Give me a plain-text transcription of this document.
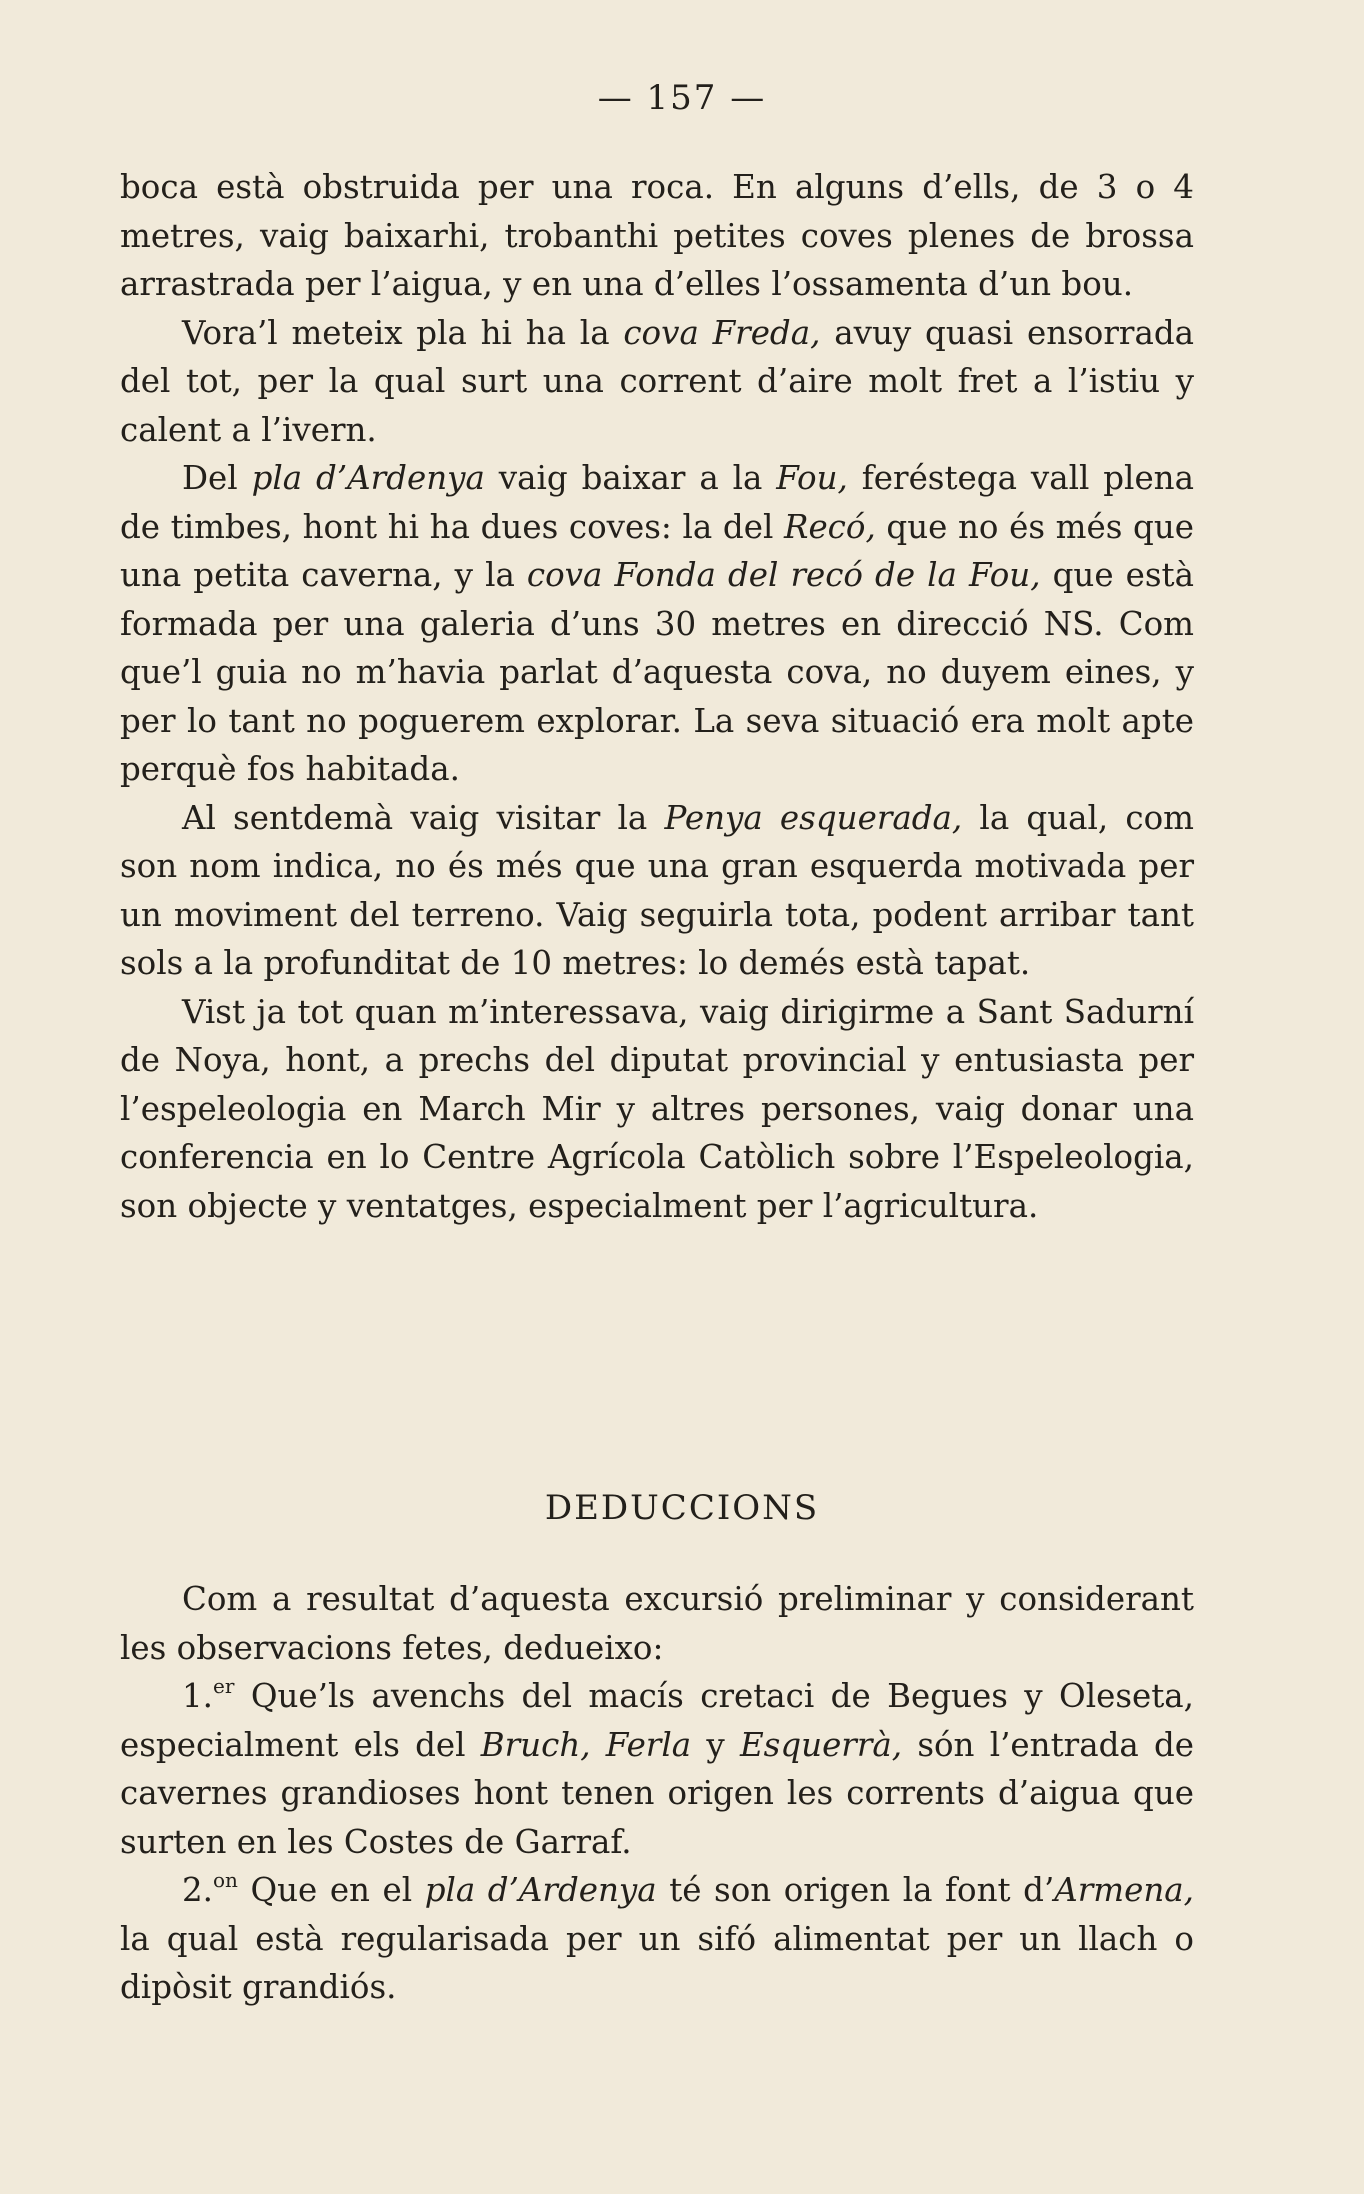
— 157 —

boca està obstruida per una roca. En alguns d’ells, de 3 o 4 metres, vaig baixarhi, trobanthi petites coves plenes de brossa arrastrada per l’aigua, y en una d’elles l’ossamenta d’un bou.

Vora’l meteix pla hi ha la cova Freda, avuy quasi ensorrada del tot, per la qual surt una corrent d’aire molt fret a l’istiu y calent a l’ivern.

Del pla d’Ardenya vaig baixar a la Fou, feréstega vall plena de timbes, hont hi ha dues coves: la del Recó, que no és més que una petita caverna, y la cova Fonda del recó de la Fou, que està formada per una galeria d’uns 30 metres en direcció NS. Com que’l guia no m’havia parlat d’aquesta cova, no duyem eines, y per lo tant no poguerem explorar. La seva situació era molt apte perquè fos habitada.

Al sentdemà vaig visitar la Penya esquerada, la qual, com son nom indica, no és més que una gran esquerda motivada per un moviment del terreno. Vaig seguirla tota, podent arribar tant sols a la profunditat de 10 metres: lo demés està tapat.

Vist ja tot quan m’interessava, vaig dirigirme a Sant Sadurní de Noya, hont, a prechs del diputat provincial y entusiasta per l’espeleologia en March Mir y altres persones, vaig donar una conferencia en lo Centre Agrícola Catòlich sobre l’Espeleologia, son objecte y ventatges, especialment per l’agricultura.

DEDUCCIONS

Com a resultat d’aquesta excursió preliminar y considerant les observacions fetes, dedueixo:

1.$^{er}$ Que’ls avenchs del macís cretaci de Begues y Oleseta, especialment els del Bruch, Ferla y Esquerrà, són l’entrada de cavernes grandioses hont tenen origen les corrents d’aigua que surten en les Costes de Garraf.

2.$^{on}$ Que en el pla d’Ardenya té son origen la font d’Armena, la qual està regularisada per un sifó alimentat per un llach o dipòsit grandiós.
